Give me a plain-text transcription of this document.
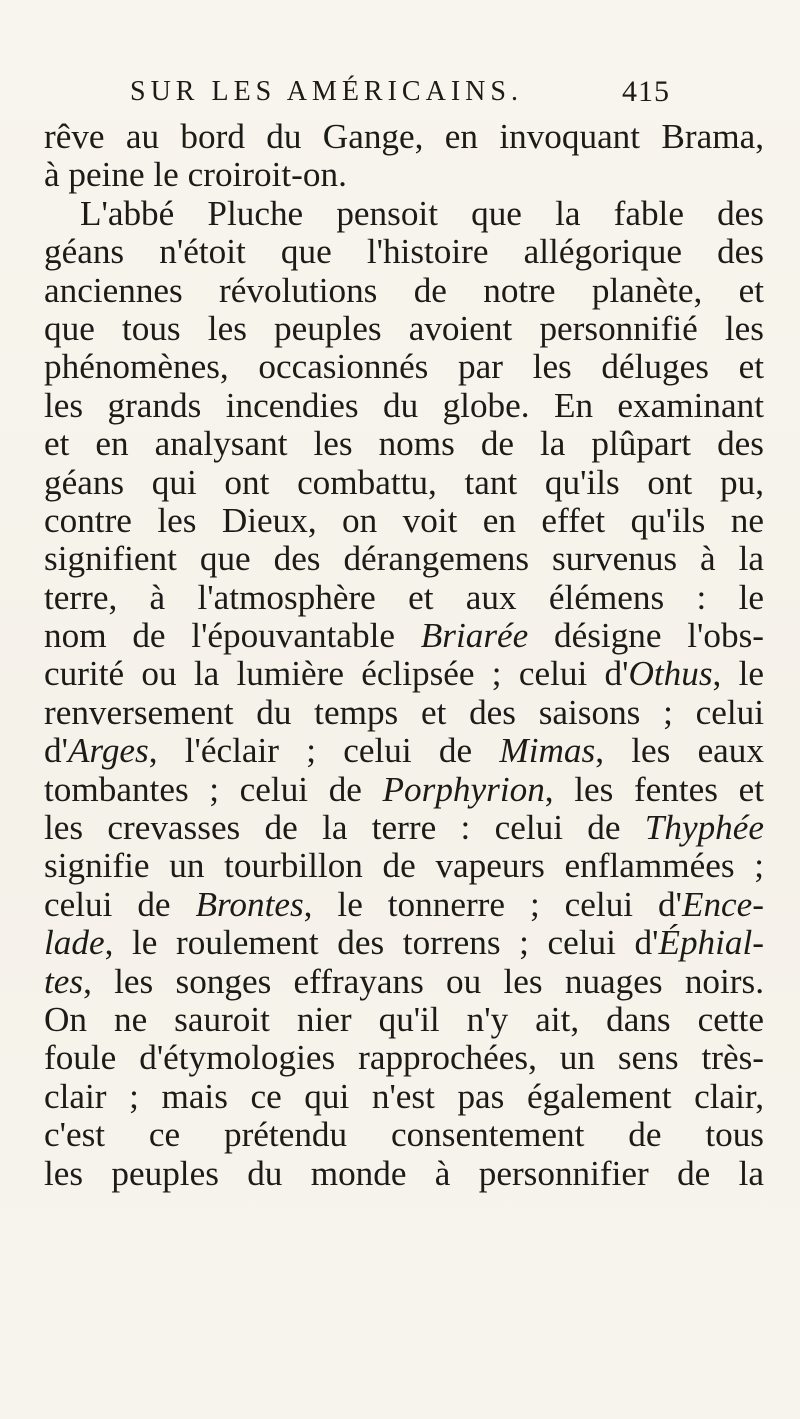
SUR LES AMÉRICAINS.	415
rêve au bord du Gange, en invoquant Brama,
à peine le croiroit-on.
L'abbé Pluche pensoit que la fable des
géans n'étoit que l'histoire allégorique des
anciennes révolutions de notre planète, et
que tous les peuples avoient personnifié les
phénomènes, occasionnés par les déluges et
les grands incendies du globe. En examinant
et en analysant les noms de la plûpart des
géans qui ont combattu, tant qu'ils ont pu,
contre les Dieux, on voit en effet qu'ils ne
signifient que des dérangemens survenus à la
terre, à l'atmosphère et aux élémens : le
nom de l'épouvantable Briarée désigne l'obs-
curité ou la lumière éclipsée ; celui d'Othus, le
renversement du temps et des saisons ; celui
d'Arges, l'éclair ; celui de Mimas, les eaux
tombantes ; celui de Porphyrion, les fentes et
les crevasses de la terre : celui de Thyphée
signifie un tourbillon de vapeurs enflammées ;
celui de Brontes, le tonnerre ; celui d'Ence-
lade, le roulement des torrens ; celui d'Éphial-
tes, les songes effrayans ou les nuages noirs.
On ne sauroit nier qu'il n'y ait, dans cette
foule d'étymologies rapprochées, un sens très-
clair ; mais ce qui n'est pas également clair,
c'est ce prétendu consentement de tous
les peuples du monde à personnifier de la
